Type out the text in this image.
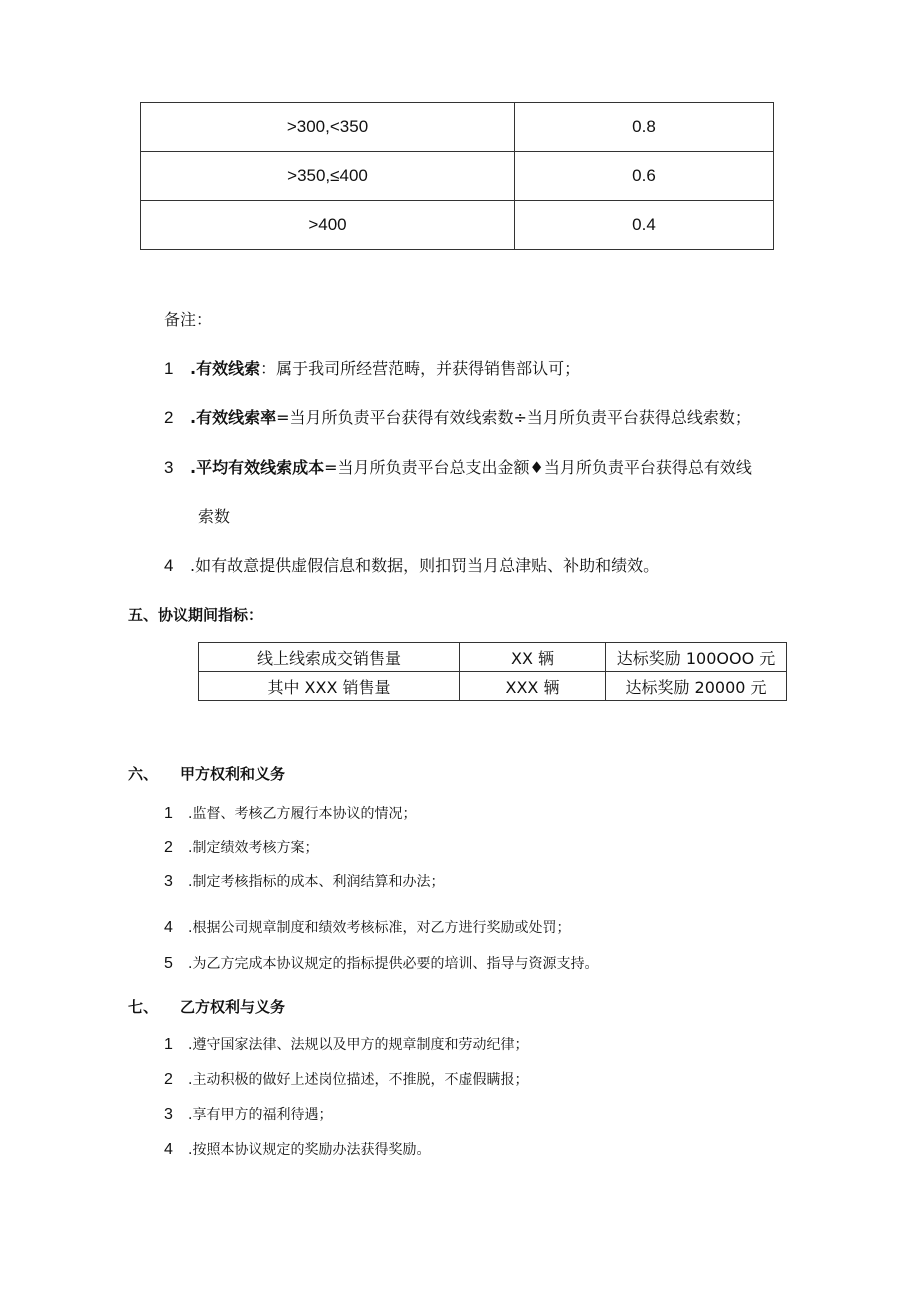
>300,<350	0.8
>350,≤400	0.6
>400	0.4
备注：
1 .有效线索：属于我司所经营范畴，并获得销售部认可；
2 .有效线索率=当月所负责平台获得有效线索数÷当月所负责平台获得总线索数；
3 .平均有效线索成本=当月所负责平台总支出金额♦当月所负责平台获得总有效线
索数
4 .如有故意提供虚假信息和数据，则扣罚当月总津贴、补助和绩效。
五、协议期间指标：
线上线索成交销售量	XX 辆	达标奖励 100OOO 元
其中 XXX 销售量	XXX 辆	达标奖励 20000 元
六、 甲方权利和义务
1 .监督、考核乙方履行本协议的情况；
2 .制定绩效考核方案；
3 .制定考核指标的成本、利润结算和办法；
4 .根据公司规章制度和绩效考核标准，对乙方进行奖励或处罚；
5 .为乙方完成本协议规定的指标提供必要的培训、指导与资源支持。
七、 乙方权利与义务
1 .遵守国家法律、法规以及甲方的规章制度和劳动纪律；
2 .主动积极的做好上述岗位描述，不推脱，不虚假瞒报；
3 .享有甲方的福利待遇；
4 .按照本协议规定的奖励办法获得奖励。
